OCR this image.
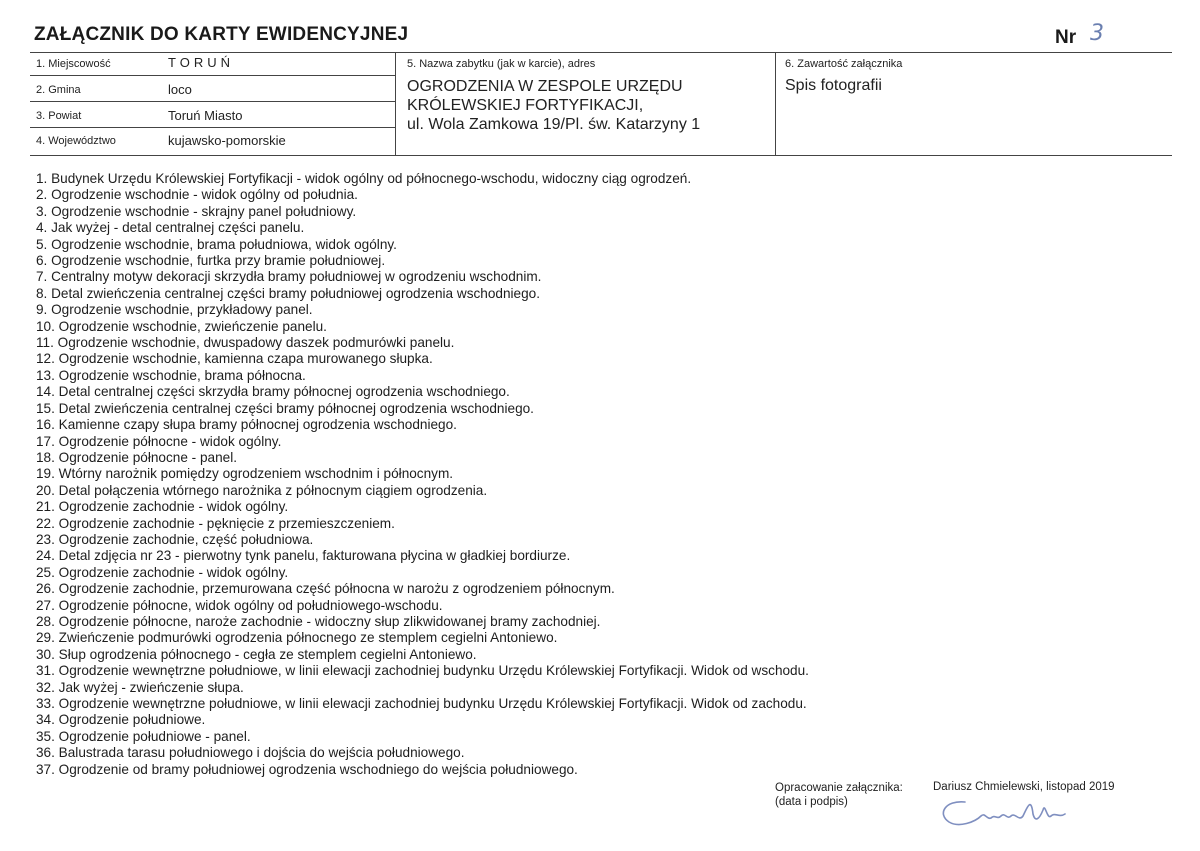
ZAŁĄCZNIK DO KARTY EWIDENCYJNEJ	Nr 3
1. Miejscowość	TORUŃ
2. Gmina	loco
3. Powiat	Toruń Miasto
4. Województwo	kujawsko-pomorskie
5. Nazwa zabytku (jak w karcie), adres
OGRODZENIA W ZESPOLE URZĘDU
KRÓLEWSKIEJ FORTYFIKACJI,
ul. Wola Zamkowa 19/Pl. św. Katarzyny 1
6. Zawartość załącznika
Spis fotografii
1. Budynek Urzędu Królewskiej Fortyfikacji - widok ogólny od północnego-wschodu, widoczny ciąg ogrodzeń.
2. Ogrodzenie wschodnie - widok ogólny od południa.
3. Ogrodzenie wschodnie - skrajny panel południowy.
4. Jak wyżej - detal centralnej części panelu.
5. Ogrodzenie wschodnie, brama południowa, widok ogólny.
6. Ogrodzenie wschodnie, furtka przy bramie południowej.
7. Centralny motyw dekoracji skrzydła bramy południowej w ogrodzeniu wschodnim.
8. Detal zwieńczenia centralnej części bramy południowej ogrodzenia wschodniego.
9. Ogrodzenie wschodnie, przykładowy panel.
10. Ogrodzenie wschodnie, zwieńczenie panelu.
11. Ogrodzenie wschodnie, dwuspadowy daszek podmurówki panelu.
12. Ogrodzenie wschodnie, kamienna czapa murowanego słupka.
13. Ogrodzenie wschodnie, brama północna.
14. Detal centralnej części skrzydła bramy północnej ogrodzenia wschodniego.
15. Detal zwieńczenia centralnej części bramy północnej ogrodzenia wschodniego.
16. Kamienne czapy słupa bramy północnej ogrodzenia wschodniego.
17. Ogrodzenie północne - widok ogólny.
18. Ogrodzenie północne - panel.
19. Wtórny narożnik pomiędzy ogrodzeniem wschodnim i północnym.
20. Detal połączenia wtórnego narożnika z północnym ciągiem ogrodzenia.
21. Ogrodzenie zachodnie - widok ogólny.
22. Ogrodzenie zachodnie - pęknięcie z przemieszczeniem.
23. Ogrodzenie zachodnie, część południowa.
24. Detal zdjęcia nr 23 - pierwotny tynk panelu, fakturowana płycina w gładkiej bordiurze.
25. Ogrodzenie zachodnie - widok ogólny.
26. Ogrodzenie zachodnie, przemurowana część północna w narożu z ogrodzeniem północnym.
27. Ogrodzenie północne, widok ogólny od południowego-wschodu.
28. Ogrodzenie północne, naroże zachodnie - widoczny słup zlikwidowanej bramy zachodniej.
29. Zwieńczenie podmurówki ogrodzenia północnego ze stemplem cegielni Antoniewo.
30. Słup ogrodzenia północnego - cegła ze stemplem cegielni Antoniewo.
31. Ogrodzenie wewnętrzne południowe, w linii elewacji zachodniej budynku Urzędu Królewskiej Fortyfikacji. Widok od wschodu.
32. Jak wyżej - zwieńczenie słupa.
33. Ogrodzenie wewnętrzne południowe, w linii elewacji zachodniej budynku Urzędu Królewskiej Fortyfikacji. Widok od zachodu.
34. Ogrodzenie południowe.
35. Ogrodzenie południowe - panel.
36. Balustrada tarasu południowego i dojścia do wejścia południowego.
37. Ogrodzenie od bramy południowej ogrodzenia wschodniego do wejścia południowego.
Opracowanie załącznika:
(data i podpis)
Dariusz Chmielewski, listopad 2019
